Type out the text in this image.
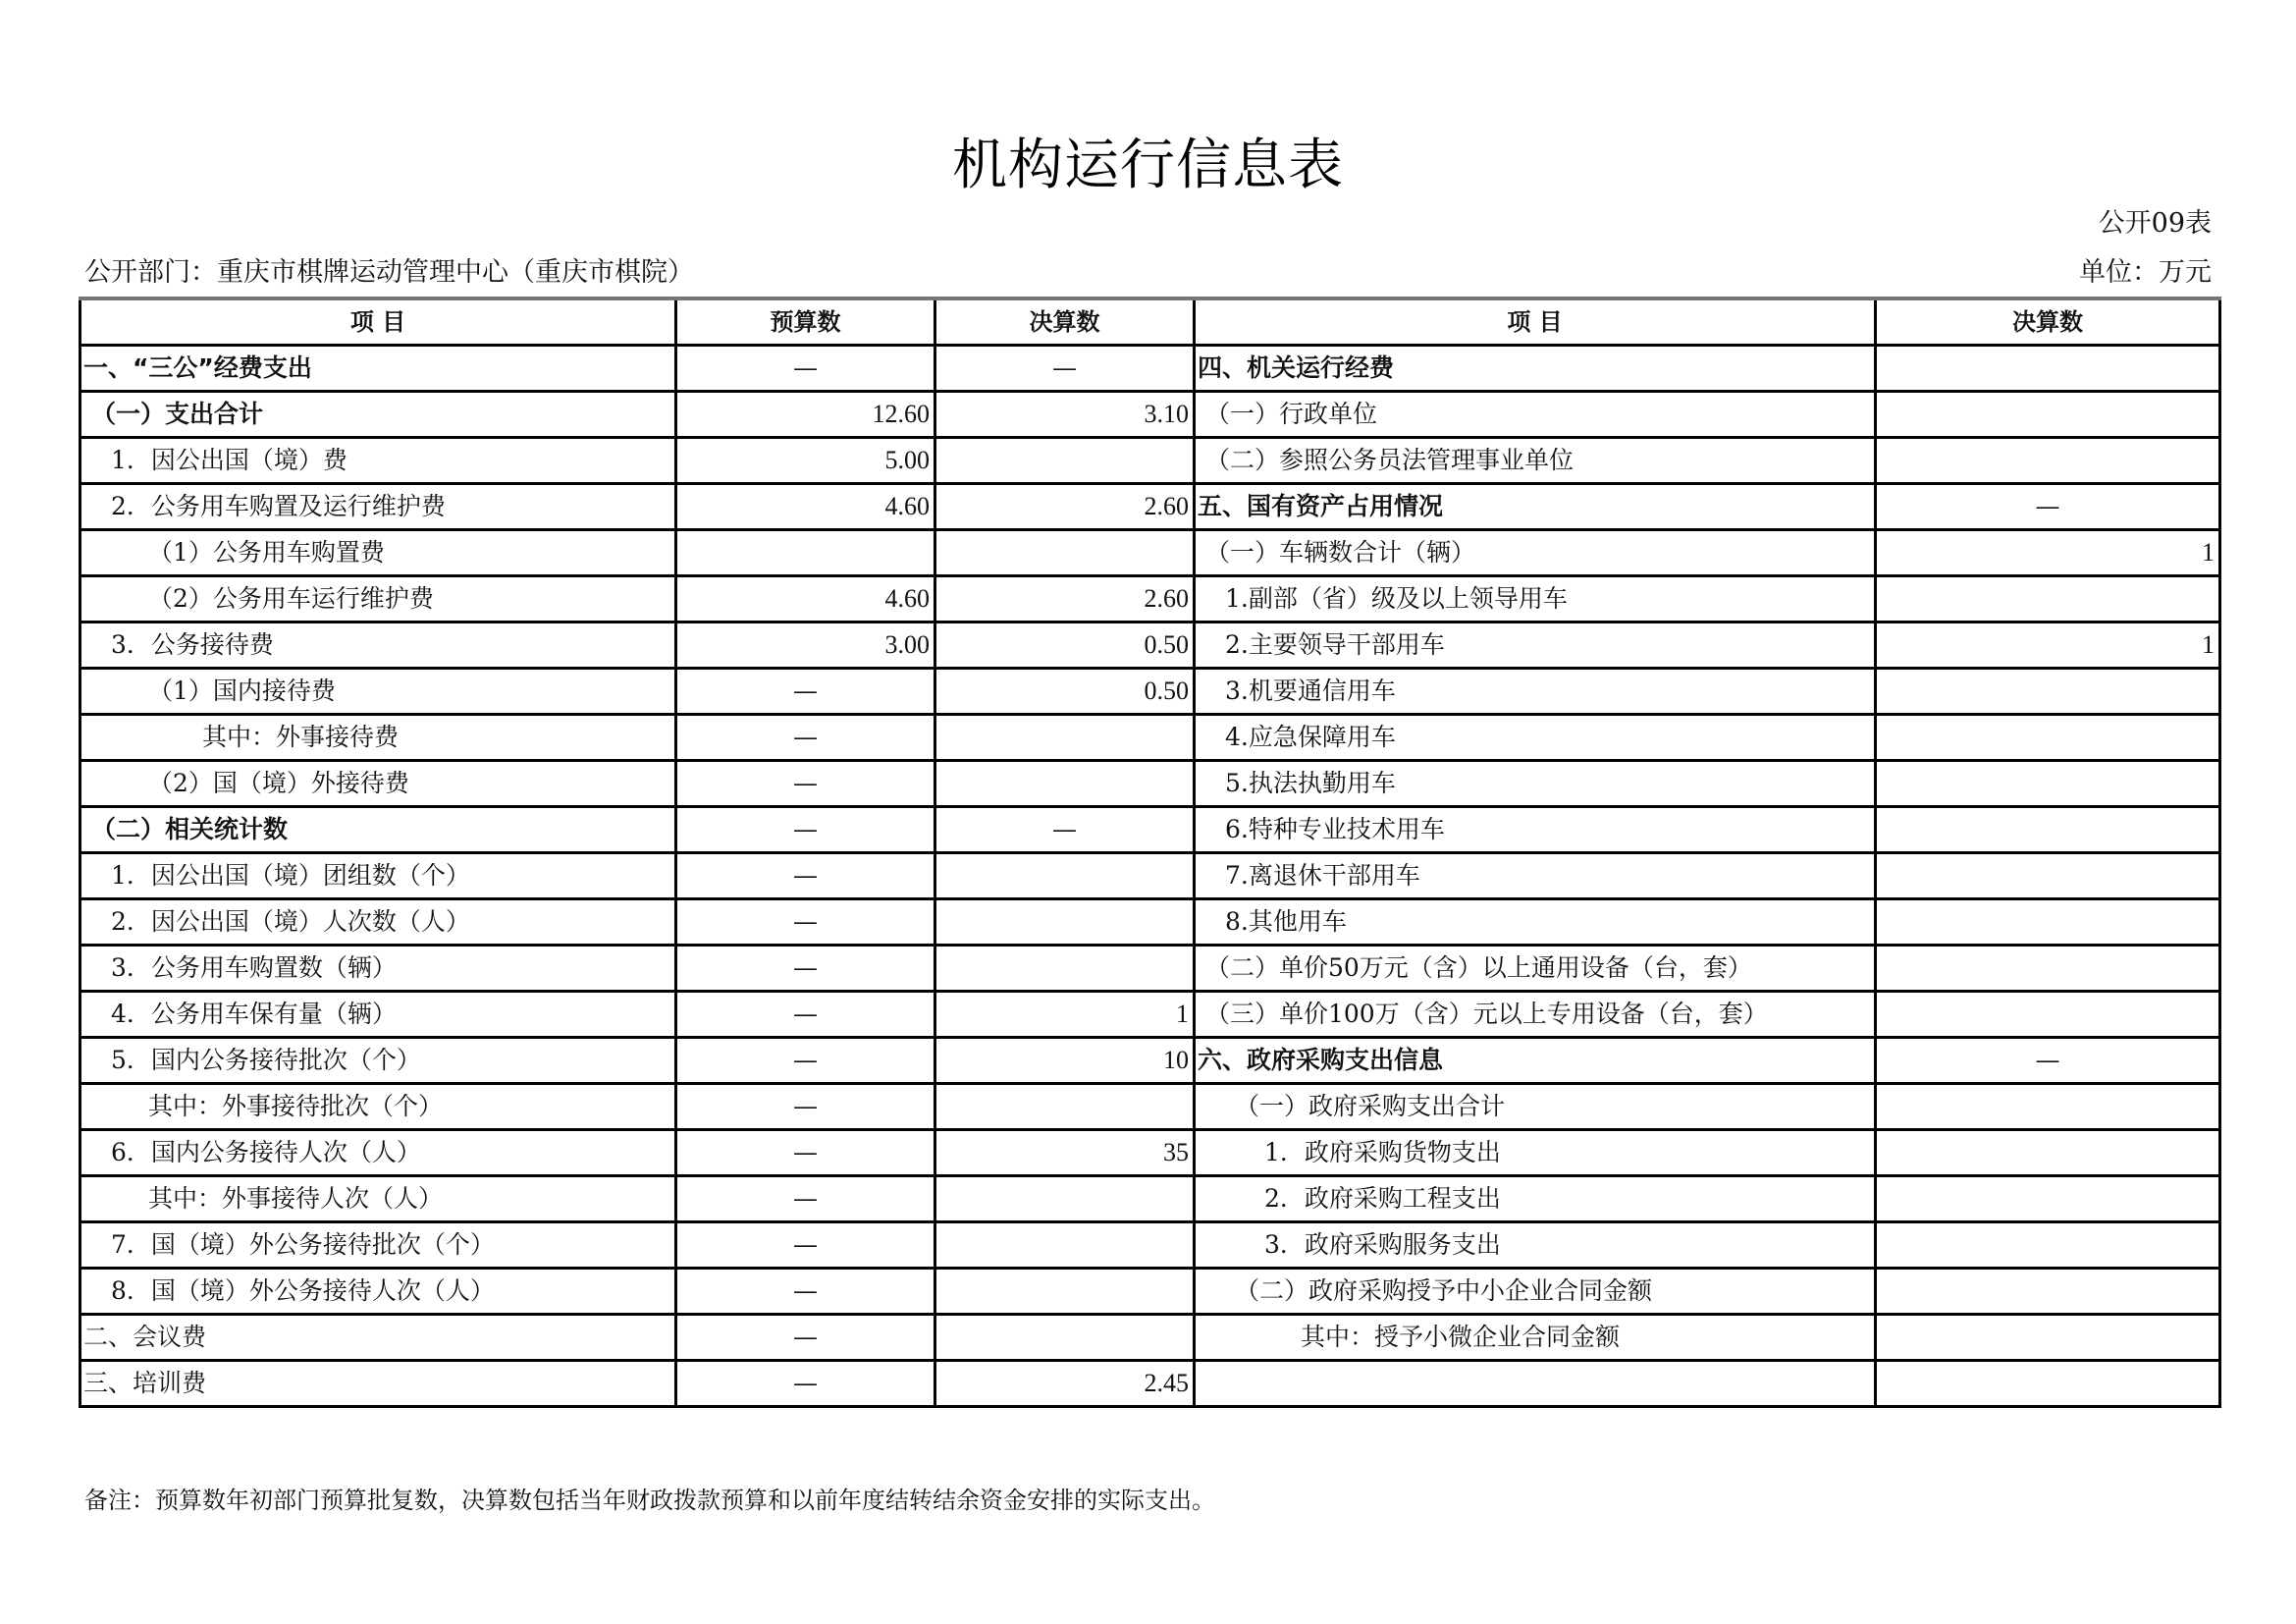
机构运行信息表
公开09表
公开部门：重庆市棋牌运动管理中心（重庆市棋院）	单位：万元
项 目	预算数	决算数	项 目	决算数
一、“三公”经费支出	—	—	四、机关运行经费	
（一）支出合计	12.60	3.10	（一）行政单位	
1．因公出国（境）费	5.00		（二）参照公务员法管理事业单位	
2．公务用车购置及运行维护费	4.60	2.60	五、国有资产占用情况	—
（1）公务用车购置费			（一）车辆数合计（辆）	1
（2）公务用车运行维护费	4.60	2.60	1.副部（省）级及以上领导用车	
3．公务接待费	3.00	0.50	2.主要领导干部用车	1
（1）国内接待费	—	0.50	3.机要通信用车	
其中：外事接待费	—		4.应急保障用车	
（2）国（境）外接待费	—		5.执法执勤用车	
（二）相关统计数	—	—	6.特种专业技术用车	
1．因公出国（境）团组数（个）	—		7.离退休干部用车	
2．因公出国（境）人次数（人）	—		8.其他用车	
3．公务用车购置数（辆）	—		（二）单价50万元（含）以上通用设备（台，套）	
4．公务用车保有量（辆）	—	1	（三）单价100万（含）元以上专用设备（台，套）	
5．国内公务接待批次（个）	—	10	六、政府采购支出信息	—
其中：外事接待批次（个）	—		（一）政府采购支出合计	
6．国内公务接待人次（人）	—	35	1．政府采购货物支出	
其中：外事接待人次（人）	—		2．政府采购工程支出	
7．国（境）外公务接待批次（个）	—		3．政府采购服务支出	
8．国（境）外公务接待人次（人）	—		（二）政府采购授予中小企业合同金额	
二、会议费	—		其中：授予小微企业合同金额	
三、培训费	—	2.45		
备注：预算数年初部门预算批复数，决算数包括当年财政拨款预算和以前年度结转结余资金安排的实际支出。
